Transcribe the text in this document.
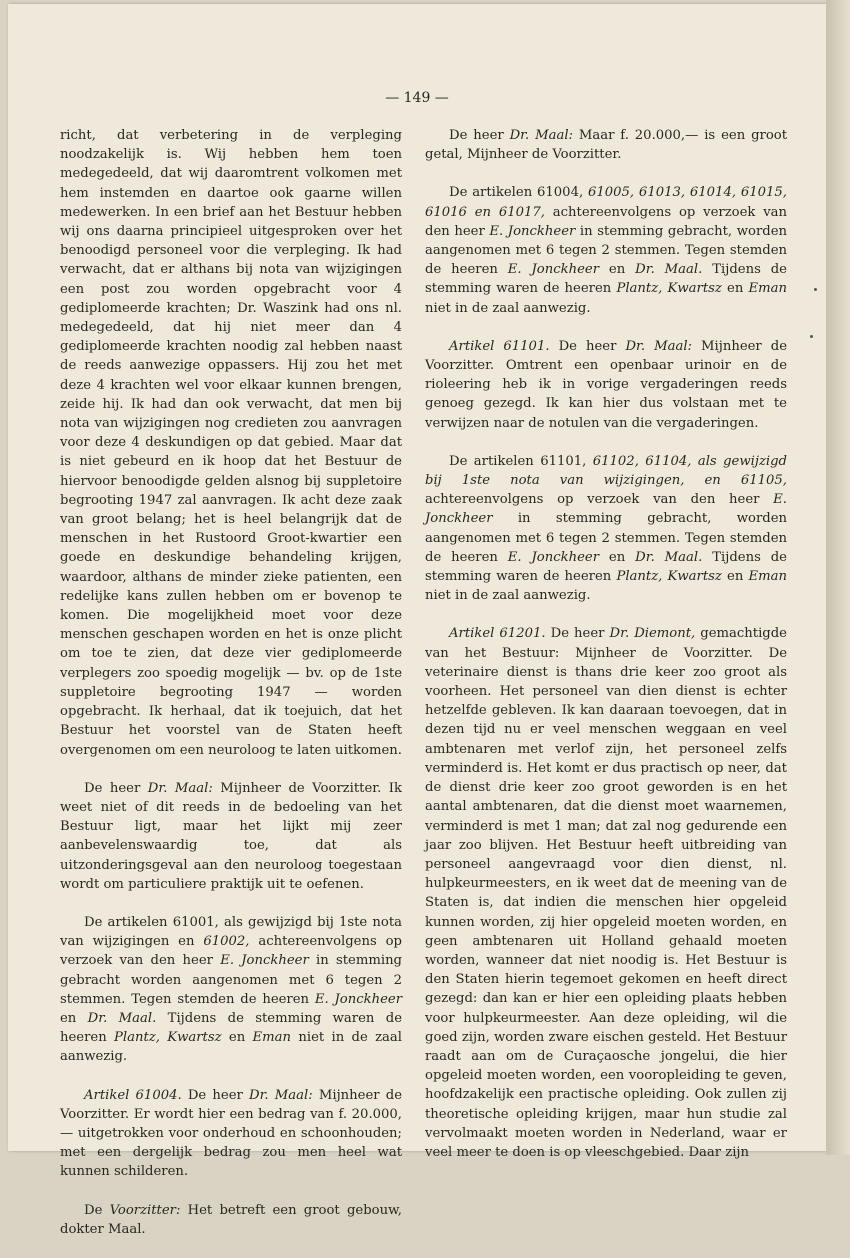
— 149 —

richt, dat verbetering in de verpleging noodzakelijk is. Wij hebben hem toen medegedeeld, dat wij daaromtrent volkomen met hem instemden en daartoe ook gaarne willen medewerken. In een brief aan het Bestuur hebben wij ons daarna principieel uitgesproken over het benoodigd personeel voor die verpleging. Ik had verwacht, dat er althans bij nota van wijzigingen een post zou worden opgebracht voor 4 gediplomeerde krachten; Dr. Waszink had ons nl. medegedeeld, dat hij niet meer dan 4 gediplomeerde krachten noodig zal hebben naast de reeds aanwezige oppassers. Hij zou het met deze 4 krachten wel voor elkaar kunnen brengen, zeide hij. Ik had dan ook verwacht, dat men bij nota van wijzigingen nog credieten zou aanvragen voor deze 4 deskundigen op dat gebied. Maar dat is niet gebeurd en ik hoop dat het Bestuur de hiervoor benoodigde gelden alsnog bij suppletoire begrooting 1947 zal aanvragen. Ik acht deze zaak van groot belang; het is heel belangrijk dat de menschen in het Rustoord Groot-kwartier een goede en deskundige behandeling krijgen, waardoor, althans de minder zieke patienten, een redelijke kans zullen hebben om er bovenop te komen. Die mogelijkheid moet voor deze menschen geschapen worden en het is onze plicht om toe te zien, dat deze vier gediplomeerde verplegers zoo spoedig mogelijk — bv. op de 1ste suppletoire begrooting 1947 — worden opgebracht. Ik herhaal, dat ik toejuich, dat het Bestuur het voorstel van de Staten heeft overgenomen om een neuroloog te laten uitkomen.

De heer Dr. Maal: Mijnheer de Voorzitter. Ik weet niet of dit reeds in de bedoeling van het Bestuur ligt, maar het lijkt mij zeer aanbevelenswaardig toe, dat als uitzonderingsgeval aan den neuroloog toegestaan wordt om particuliere praktijk uit te oefenen.

De artikelen 61001, als gewijzigd bij 1ste nota van wijzigingen en 61002, achtereenvolgens op verzoek van den heer E. Jonckheer in stemming gebracht worden aangenomen met 6 tegen 2 stemmen. Tegen stemden de heeren E. Jonckheer en Dr. Maal. Tijdens de stemming waren de heeren Plantz, Kwartsz en Eman niet in de zaal aanwezig.

Artikel 61004. De heer Dr. Maal: Mijnheer de Voorzitter. Er wordt hier een bedrag van f. 20.000,— uitgetrokken voor onderhoud en schoonhouden; met een dergelijk bedrag zou men heel wat kunnen schilderen.

De Voorzitter: Het betreft een groot gebouw, dokter Maal.

De heer Dr. Maal: Maar f. 20.000,— is een groot getal, Mijnheer de Voorzitter.

De artikelen 61004, 61005, 61013, 61014, 61015, 61016 en 61017, achtereenvolgens op verzoek van den heer E. Jonckheer in stemming gebracht, worden aangenomen met 6 tegen 2 stemmen. Tegen stemden de heeren E. Jonckheer en Dr. Maal. Tijdens de stemming waren de heeren Plantz, Kwartsz en Eman niet in de zaal aanwezig.

Artikel 61101. De heer Dr. Maal: Mijnheer de Voorzitter. Omtrent een openbaar urinoir en de rioleering heb ik in vorige vergaderingen reeds genoeg gezegd. Ik kan hier dus volstaan met te verwijzen naar de notulen van die vergaderingen.

De artikelen 61101, 61102, 61104, als gewijzigd bij 1ste nota van wijzigingen, en 61105, achtereenvolgens op verzoek van den heer E. Jonckheer in stemming gebracht, worden aangenomen met 6 tegen 2 stemmen. Tegen stemden de heeren E. Jonckheer en Dr. Maal. Tijdens de stemming waren de heeren Plantz, Kwartsz en Eman niet in de zaal aanwezig.

Artikel 61201. De heer Dr. Diemont, gemachtigde van het Bestuur: Mijnheer de Voorzitter. De veterinaire dienst is thans drie keer zoo groot als voorheen. Het personeel van dien dienst is echter hetzelfde gebleven. Ik kan daaraan toevoegen, dat in dezen tijd nu er veel menschen weggaan en veel ambtenaren met verlof zijn, het personeel zelfs verminderd is. Het komt er dus practisch op neer, dat de dienst drie keer zoo groot geworden is en het aantal ambtenaren, dat die dienst moet waarnemen, verminderd is met 1 man; dat zal nog gedurende een jaar zoo blijven. Het Bestuur heeft uitbreiding van personeel aangevraagd voor dien dienst, nl. hulpkeurmeesters, en ik weet dat de meening van de Staten is, dat indien die menschen hier opgeleid kunnen worden, zij hier opgeleid moeten worden, en geen ambtenaren uit Holland gehaald moeten worden, wanneer dat niet noodig is. Het Bestuur is den Staten hierin tegemoet gekomen en heeft direct gezegd: dan kan er hier een opleiding plaats hebben voor hulpkeurmeester. Aan deze opleiding, wil die goed zijn, worden zware eischen gesteld. Het Bestuur raadt aan om de Curaçaosche jongelui, die hier opgeleid moeten worden, een vooropleiding te geven, hoofdzakelijk een practische opleiding. Ook zullen zij theoretische opleiding krijgen, maar hun studie zal vervolmaakt moeten worden in Nederland, waar er veel meer te doen is op vleeschgebied. Daar zijn
